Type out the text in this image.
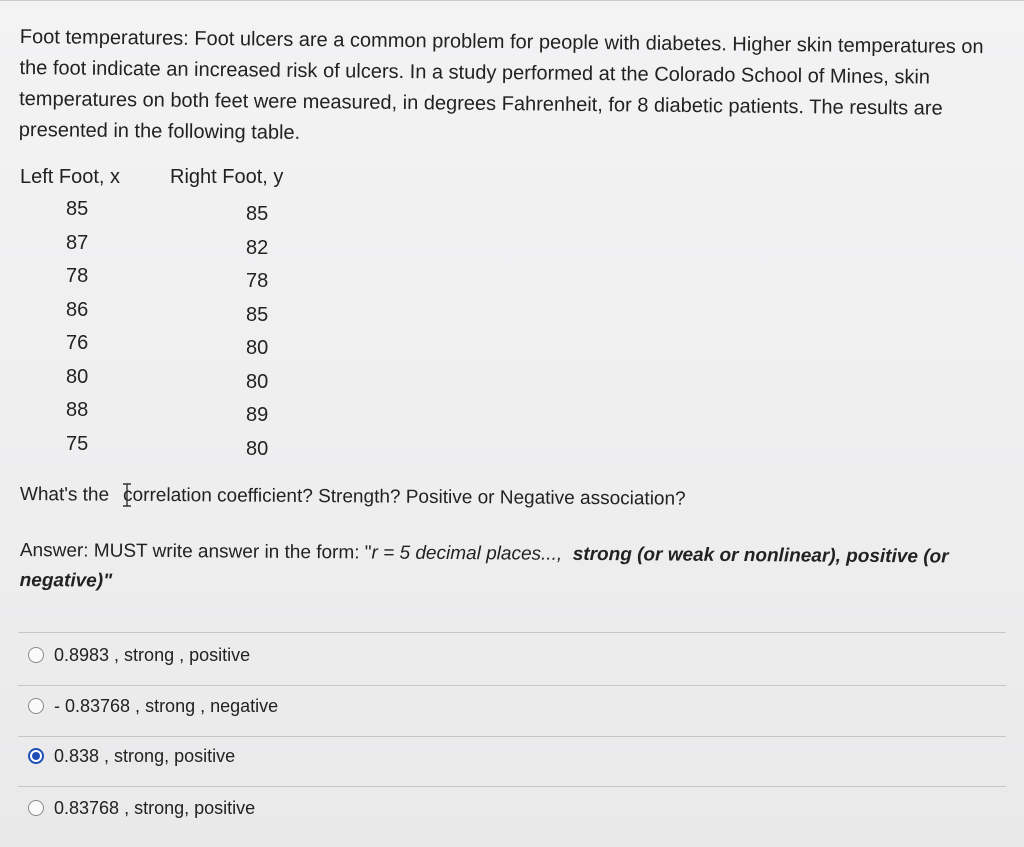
Foot temperatures: Foot ulcers are a common problem for people with diabetes. Higher skin temperatures on the foot indicate an increased risk of ulcers. In a study performed at the Colorado School of Mines, skin temperatures on both feet were measured, in degrees Fahrenheit, for 8 diabetic patients. The results are presented in the following table.

Left Foot, x Right Foot, y
85	85
87	82
78	78
86	85
76	80
80	80
88	89
75	80

What's the correlation coefficient? Strength? Positive or Negative association?

Answer: MUST write answer in the form: "r = 5 decimal places..., strong (or weak or nonlinear), positive (or negative)"

0.8983 , strong , positive
- 0.83768 , strong , negative
0.838 , strong, positive
0.83768 , strong, positive
